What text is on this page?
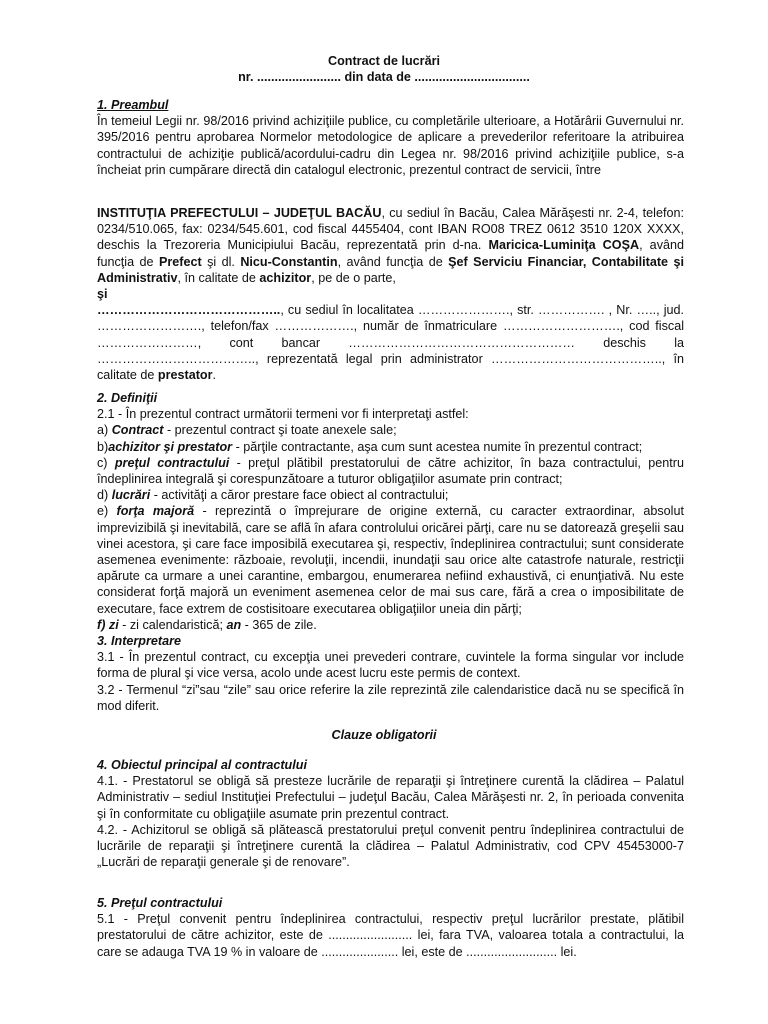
Contract de lucrări
nr. ........................ din data de .................................

1. Preambul

În temeiul Legii nr. 98/2016 privind achiziţiile publice, cu completările ulterioare, a Hotărârii Guvernului nr. 395/2016 pentru aprobarea Normelor metodologice de aplicare a prevederilor referitoare la atribuirea contractului de achiziţie publică/acordului-cadru din Legea nr. 98/2016 privind achiziţiile publice, s-a încheiat prin cumpărare directă din catalogul electronic, prezentul contract de servicii, între

INSTITUŢIA PREFECTULUI – JUDEŢUL BACĂU, cu sediul în Bacău, Calea Mărăşesti nr. 2-4, telefon: 0234/510.065, fax: 0234/545.601, cod fiscal 4455404, cont IBAN RO08 TREZ 0612 3510 120X XXXX, deschis la Trezoreria Municipiului Bacău, reprezentată prin d-na. Maricica-Luminiţa COŞA, având funcţia de Prefect şi dl. Nicu-Constantin, având funcţia de Şef Serviciu Financiar, Contabilitate şi Administrativ, în calitate de achizitor, pe de o parte,

şi

…………………………………….., cu sediul în localitatea …………………., str. ……………. , Nr. ….., jud. ……………………., telefon/fax ………………., număr de înmatriculare ………………………., cod fiscal ……………………, cont bancar ……………………………………………… deschis la ……………………………….., reprezentată legal prin administrator ………………………………….., în calitate de prestator.

2. Definiţii

2.1 - În prezentul contract următorii termeni vor fi interpretaţi astfel:

a) Contract - prezentul contract şi toate anexele sale;

b)achizitor şi prestator - părţile contractante, aşa cum sunt acestea numite în prezentul contract;

c) preţul contractului - preţul plătibil prestatorului de către achizitor, în baza contractului, pentru îndeplinirea integrală şi corespunzătoare a tuturor obligaţiilor asumate prin contract;

d) lucrări - activităţi a căror prestare face obiect al contractului;

e) forţa majoră - reprezintă o împrejurare de origine externă, cu caracter extraordinar, absolut imprevizibilă şi inevitabilă, care se află în afara controlului oricărei părţi, care nu se datorează greşelii sau vinei acestora, şi care face imposibilă executarea şi, respectiv, îndeplinirea contractului; sunt considerate asemenea evenimente: războaie, revoluţii, incendii, inundaţii sau orice alte catastrofe naturale, restricţii apărute ca urmare a unei carantine, embargou, enumerarea nefiind exhaustivă, ci enunţiativă. Nu este considerat forţă majoră un eveniment asemenea celor de mai sus care, fără a crea o imposibilitate de executare, face extrem de costisitoare executarea obligaţiilor uneia din părţi;

f) zi - zi calendaristică; an - 365 de zile.

3. Interpretare

3.1 - În prezentul contract, cu excepţia unei prevederi contrare, cuvintele la forma singular vor include forma de plural şi vice versa, acolo unde acest lucru este permis de context.

3.2 - Termenul “zi”sau “zile” sau orice referire la zile reprezintă zile calendaristice dacă nu se specifică în mod diferit.

Clauze obligatorii

4. Obiectul principal al contractului

4.1. - Prestatorul se obligă să presteze lucrările de reparaţii şi întreţinere curentă la clădirea – Palatul Administrativ – sediul Instituţiei Prefectului – judeţul Bacău, Calea Mărăşesti nr. 2, în perioada convenita şi în conformitate cu obligaţiile asumate prin prezentul contract.

4.2. - Achizitorul se obligă să plătească prestatorului preţul convenit pentru îndeplinirea contractului de lucrările de reparaţii şi întreţinere curentă la clădirea – Palatul Administrativ, cod CPV 45453000-7 „Lucrări de reparaţii generale şi de renovare”.

5. Preţul contractului

5.1 - Preţul convenit pentru îndeplinirea contractului, respectiv preţul lucrărilor prestate, plătibil prestatorului de către achizitor, este de ........................ lei, fara TVA, valoarea totala a contractului, la care se adauga TVA 19 % in valoare de ...................... lei, este de .......................... lei.
